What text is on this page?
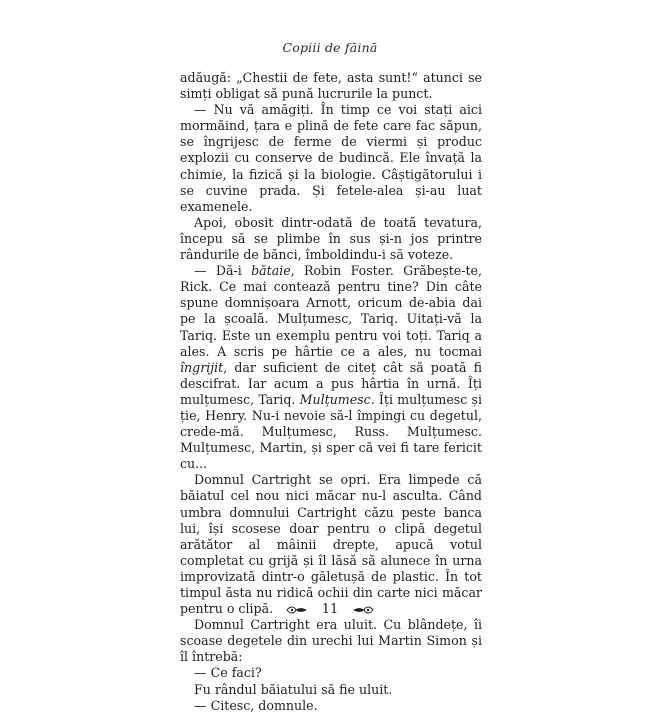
Copiii de făină

adăugă: „Chestii de fete, asta sunt!“ atunci se simți obligat să pună lucrurile la punct.

— Nu vă amăgiți. În timp ce voi stați aici mormăind, țara e plină de fete care fac săpun, se îngrijesc de ferme de viermi și produc explozii cu conserve de budincă. Ele învață la chimie, la fizică și la biologie. Câștigătorului i se cuvine prada. Și fetele-alea și-au luat examenele.

Apoi, obosit dintr-odată de toată tevatura, începu să se plimbe în sus și-n jos printre rândurile de bănci, îmboldindu-i să voteze.

— Dă-i bătaie, Robin Foster. Grăbește-te, Rick. Ce mai contează pentru tine? Din câte spune domnișoara Arnott, oricum de-abia dai pe la școală. Mulțumesc, Tariq. Uitați-vă la Tariq. Este un exemplu pentru voi toți. Tariq a ales. A scris pe hârtie ce a ales, nu tocmai îngrijit, dar suficient de citeț cât să poată fi descifrat. Iar acum a pus hârtia în urnă. Îți mulțumesc, Tariq. Mulțumesc. Îți mulțumesc și ție, Henry. Nu-i nevoie să-l împingi cu degetul, crede-mă. Mulțumesc, Russ. Mulțumesc. Mulțumesc, Martin, și sper că vei fi tare fericit cu...

Domnul Cartright se opri. Era limpede că băiatul cel nou nici măcar nu-l asculta. Când umbra domnului Cartright căzu peste banca lui, își scosese doar pentru o clipă degetul arătător al mâinii drepte, apucă votul completat cu grijă și îl lăsă să alunece în urna improvizată dintr-o găletușă de plastic. În tot timpul ăsta nu ridică ochii din carte nici măcar pentru o clipă.

Domnul Cartright era uluit. Cu blândețe, îi scoase degetele din urechi lui Martin Simon și îl întrebă:

— Ce faci?

Fu rândul băiatului să fie uluit.

— Citesc, domnule.

11
